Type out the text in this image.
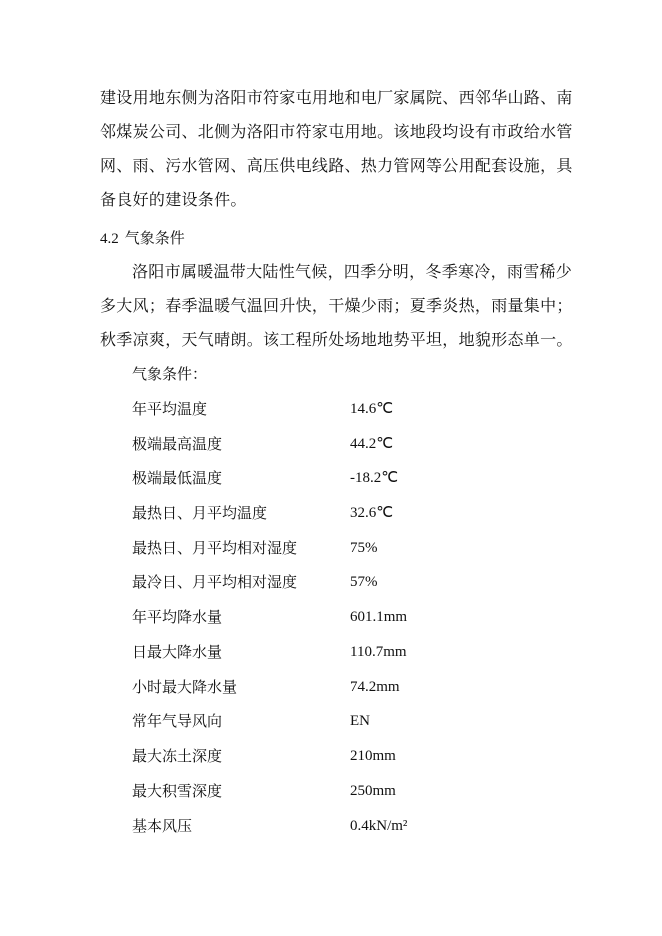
建设用地东侧为洛阳市符家屯用地和电厂家属院、西邻华山路、南
邻煤炭公司、北侧为洛阳市符家屯用地。该地段均设有市政给水管
网、雨、污水管网、高压供电线路、热力管网等公用配套设施，具
备良好的建设条件。
4.2 气象条件
洛阳市属暖温带大陆性气候，四季分明，冬季寒冷，雨雪稀少
多大风；春季温暖气温回升快，干燥少雨；夏季炎热，雨量集中；
秋季凉爽，天气晴朗。该工程所处场地地势平坦，地貌形态单一。
气象条件：
年平均温度	14.6℃
极端最高温度	44.2℃
极端最低温度	-18.2℃
最热日、月平均温度	32.6℃
最热日、月平均相对湿度	75%
最冷日、月平均相对湿度	57%
年平均降水量	601.1mm
日最大降水量	110.7mm
小时最大降水量	74.2mm
常年气导风向	EN
最大冻土深度	210mm
最大积雪深度	250mm
基本风压	0.4kN/m²
